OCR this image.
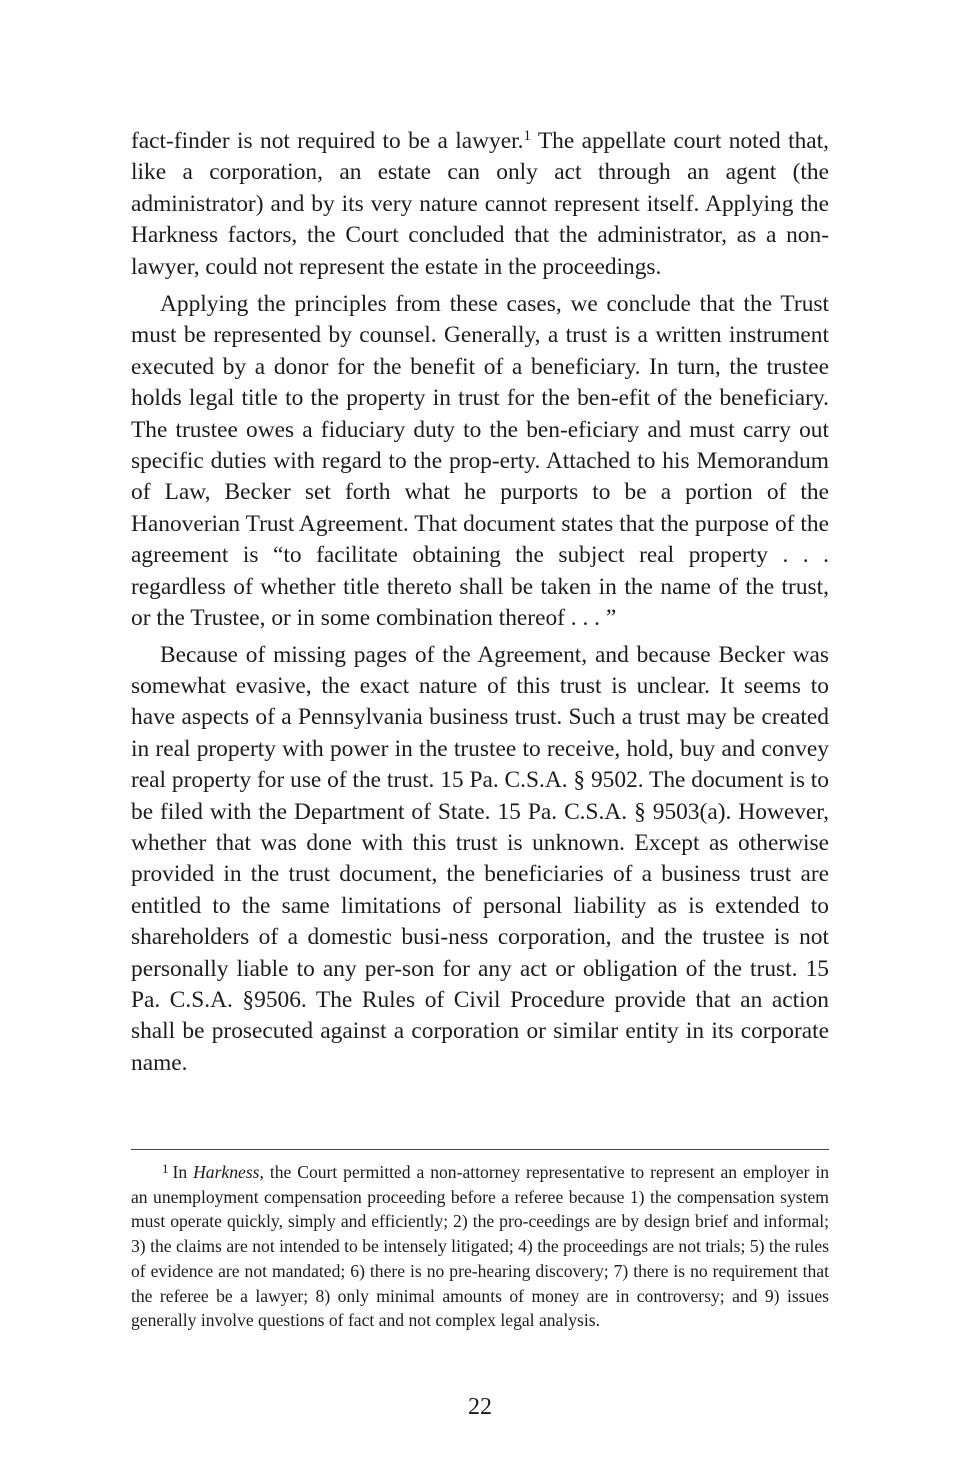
fact-finder is not required to be a lawyer.$^1$ The appellate court noted that, like a corporation, an estate can only act through an agent (the administrator) and by its very nature cannot represent itself. Applying the Harkness factors, the Court concluded that the administrator, as a non-lawyer, could not represent the estate in the proceedings.

Applying the principles from these cases, we conclude that the Trust must be represented by counsel. Generally, a trust is a written instrument executed by a donor for the benefit of a beneficiary. In turn, the trustee holds legal title to the property in trust for the ben-efit of the beneficiary. The trustee owes a fiduciary duty to the ben-eficiary and must carry out specific duties with regard to the prop-erty. Attached to his Memorandum of Law, Becker set forth what he purports to be a portion of the Hanoverian Trust Agreement. That document states that the purpose of the agreement is “to facilitate obtaining the subject real property . . . regardless of whether title thereto shall be taken in the name of the trust, or the Trustee, or in some combination thereof . . . ”

Because of missing pages of the Agreement, and because Becker was somewhat evasive, the exact nature of this trust is unclear. It seems to have aspects of a Pennsylvania business trust. Such a trust may be created in real property with power in the trustee to receive, hold, buy and convey real property for use of the trust. 15 Pa. C.S.A. § 9502. The document is to be filed with the Department of State. 15 Pa. C.S.A. § 9503(a). However, whether that was done with this trust is unknown. Except as otherwise provided in the trust document, the beneficiaries of a business trust are entitled to the same limitations of personal liability as is extended to shareholders of a domestic busi-ness corporation, and the trustee is not personally liable to any per-son for any act or obligation of the trust. 15 Pa. C.S.A. §9506. The Rules of Civil Procedure provide that an action shall be prosecuted against a corporation or similar entity in its corporate name.

$^1$ In Harkness, the Court permitted a non-attorney representative to represent an employer in an unemployment compensation proceeding before a referee because 1) the compensation system must operate quickly, simply and efficiently; 2) the pro-ceedings are by design brief and informal; 3) the claims are not intended to be intensely litigated; 4) the proceedings are not trials; 5) the rules of evidence are not mandated; 6) there is no pre-hearing discovery; 7) there is no requirement that the referee be a lawyer; 8) only minimal amounts of money are in controversy; and 9) issues generally involve questions of fact and not complex legal analysis.

22
